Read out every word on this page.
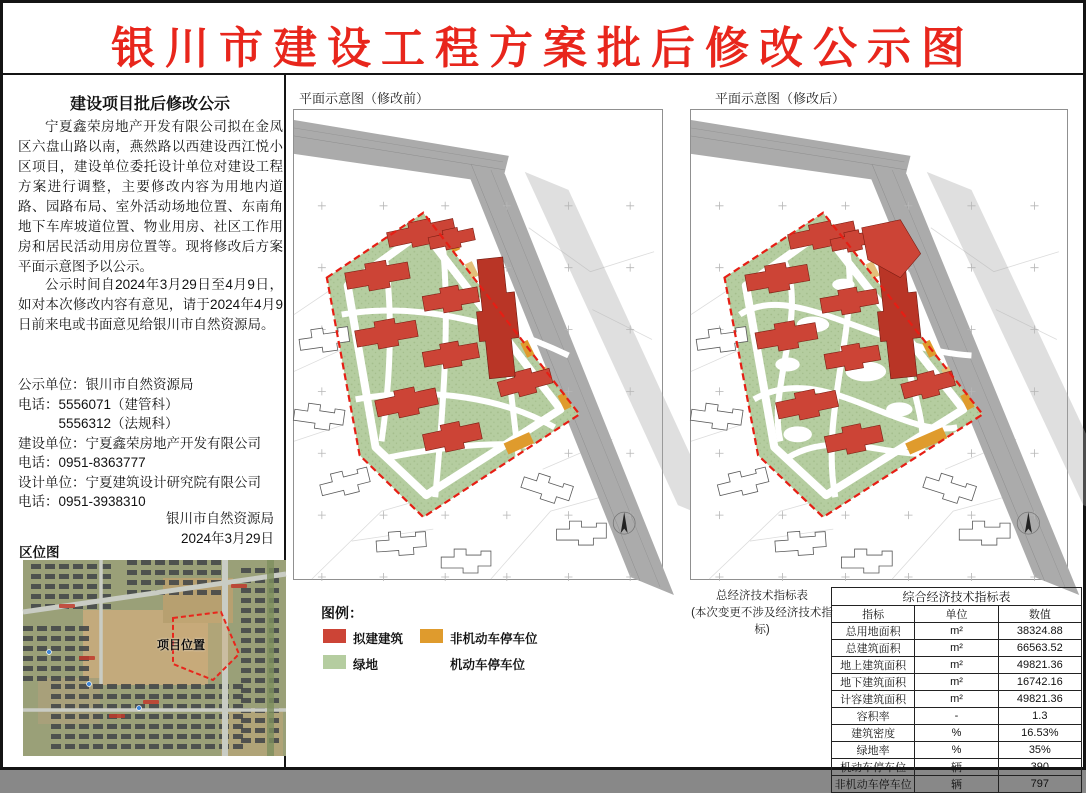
银川市建设工程方案批后修改公示图
建设项目批后修改公示
宁夏鑫荣房地产开发有限公司拟在金凤区六盘山路以南，燕然路以西建设西江悦小区项目，建设单位委托设计单位对建设工程方案进行调整，主要修改内容为用地内道路、园路布局、室外活动场地位置、东南角地下车库坡道位置、物业用房、社区工作用房和居民活动用房位置等。现将修改后方案平面示意图予以公示。
公示时间自2024年3月29日至4月9日，如对本次修改内容有意见，请于2024年4月9日前来电或书面意见给银川市自然资源局。
公示单位：银川市自然资源局
电话：5556071（建管科）
　　　5556312（法规科）
建设单位：宁夏鑫荣房地产开发有限公司
电话：0951-8363777
设计单位：宁夏建筑设计研究院有限公司
电话：0951-3938310
银川市自然资源局
2024年3月29日
区位图
项目位置
平面示意图（修改前）	平面示意图（修改后）
图例：
拟建建筑
绿地
非机动车停车位
机动车停车位
总经济技术指标表
(本次变更不涉及经济技术指标)
综合经济技术指标表		
指标	单位	数值
总用地面积	m²	38324.88
总建筑面积	m²	66563.52
地上建筑面积	m²	49821.36
地下建筑面积	m²	16742.16
计容建筑面积	m²	49821.36
容积率	-	1.3
建筑密度	%	16.53%
绿地率	%	35%
机动车停车位	辆	390
非机动车停车位	辆	797
